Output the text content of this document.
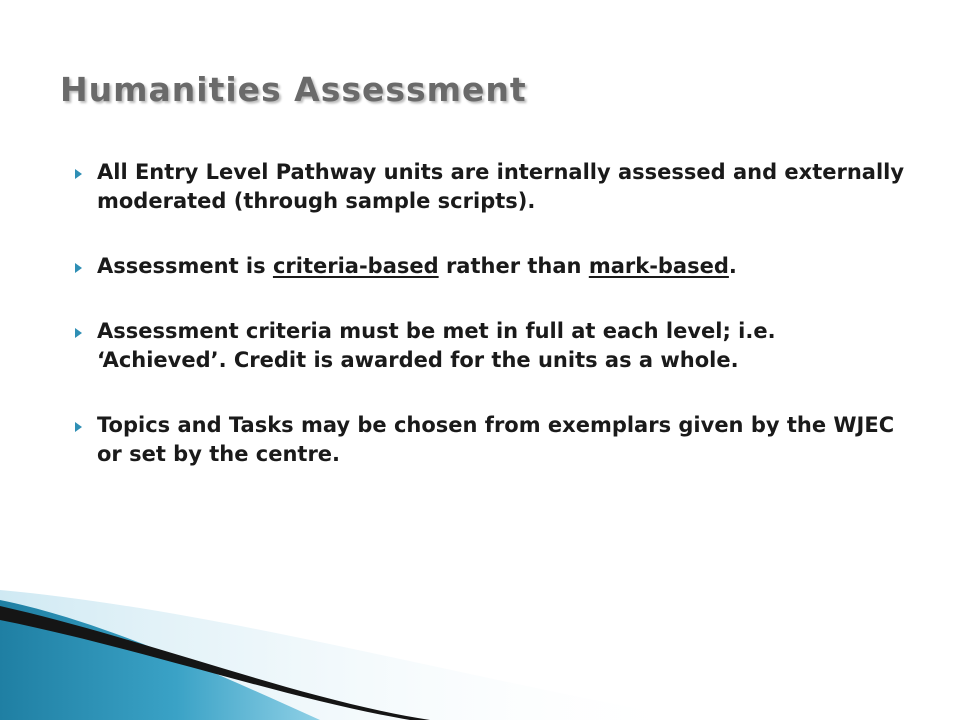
Humanities Assessment
All Entry Level Pathway units are internally assessed and externally moderated (through sample scripts).
Assessment is criteria-based rather than mark-based.
Assessment criteria must be met in full at each level; i.e. ‘Achieved’. Credit is awarded for the units as a whole.
Topics and Tasks may be chosen from exemplars given by the WJEC or set by the centre.
